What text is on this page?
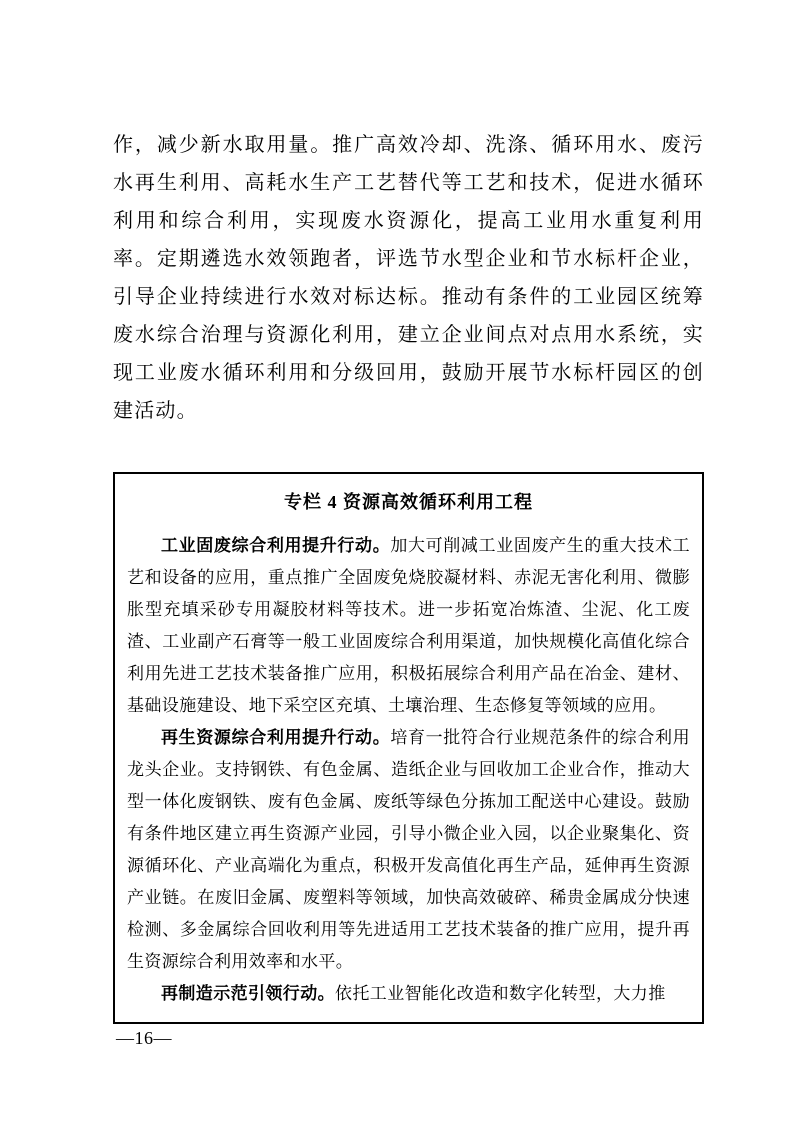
作，减少新水取用量。推广高效冷却、洗涤、循环用水、废污水再生利用、高耗水生产工艺替代等工艺和技术，促进水循环利用和综合利用，实现废水资源化，提高工业用水重复利用率。定期遴选水效领跑者，评选节水型企业和节水标杆企业，引导企业持续进行水效对标达标。推动有条件的工业园区统筹废水综合治理与资源化利用，建立企业间点对点用水系统，实现工业废水循环利用和分级回用，鼓励开展节水标杆园区的创建活动。

专栏 4 资源高效循环利用工程

工业固废综合利用提升行动。加大可削减工业固废产生的重大技术工艺和设备的应用，重点推广全固废免烧胶凝材料、赤泥无害化利用、微膨胀型充填采砂专用凝胶材料等技术。进一步拓宽冶炼渣、尘泥、化工废渣、工业副产石膏等一般工业固废综合利用渠道，加快规模化高值化综合利用先进工艺技术装备推广应用，积极拓展综合利用产品在冶金、建材、基础设施建设、地下采空区充填、土壤治理、生态修复等领域的应用。

再生资源综合利用提升行动。培育一批符合行业规范条件的综合利用龙头企业。支持钢铁、有色金属、造纸企业与回收加工企业合作，推动大型一体化废钢铁、废有色金属、废纸等绿色分拣加工配送中心建设。鼓励有条件地区建立再生资源产业园，引导小微企业入园，以企业聚集化、资源循环化、产业高端化为重点，积极开发高值化再生产品，延伸再生资源产业链。在废旧金属、废塑料等领域，加快高效破碎、稀贵金属成分快速检测、多金属综合回收利用等先进适用工艺技术装备的推广应用，提升再生资源综合利用效率和水平。

再制造示范引领行动。依托工业智能化改造和数字化转型，大力推

—16—
